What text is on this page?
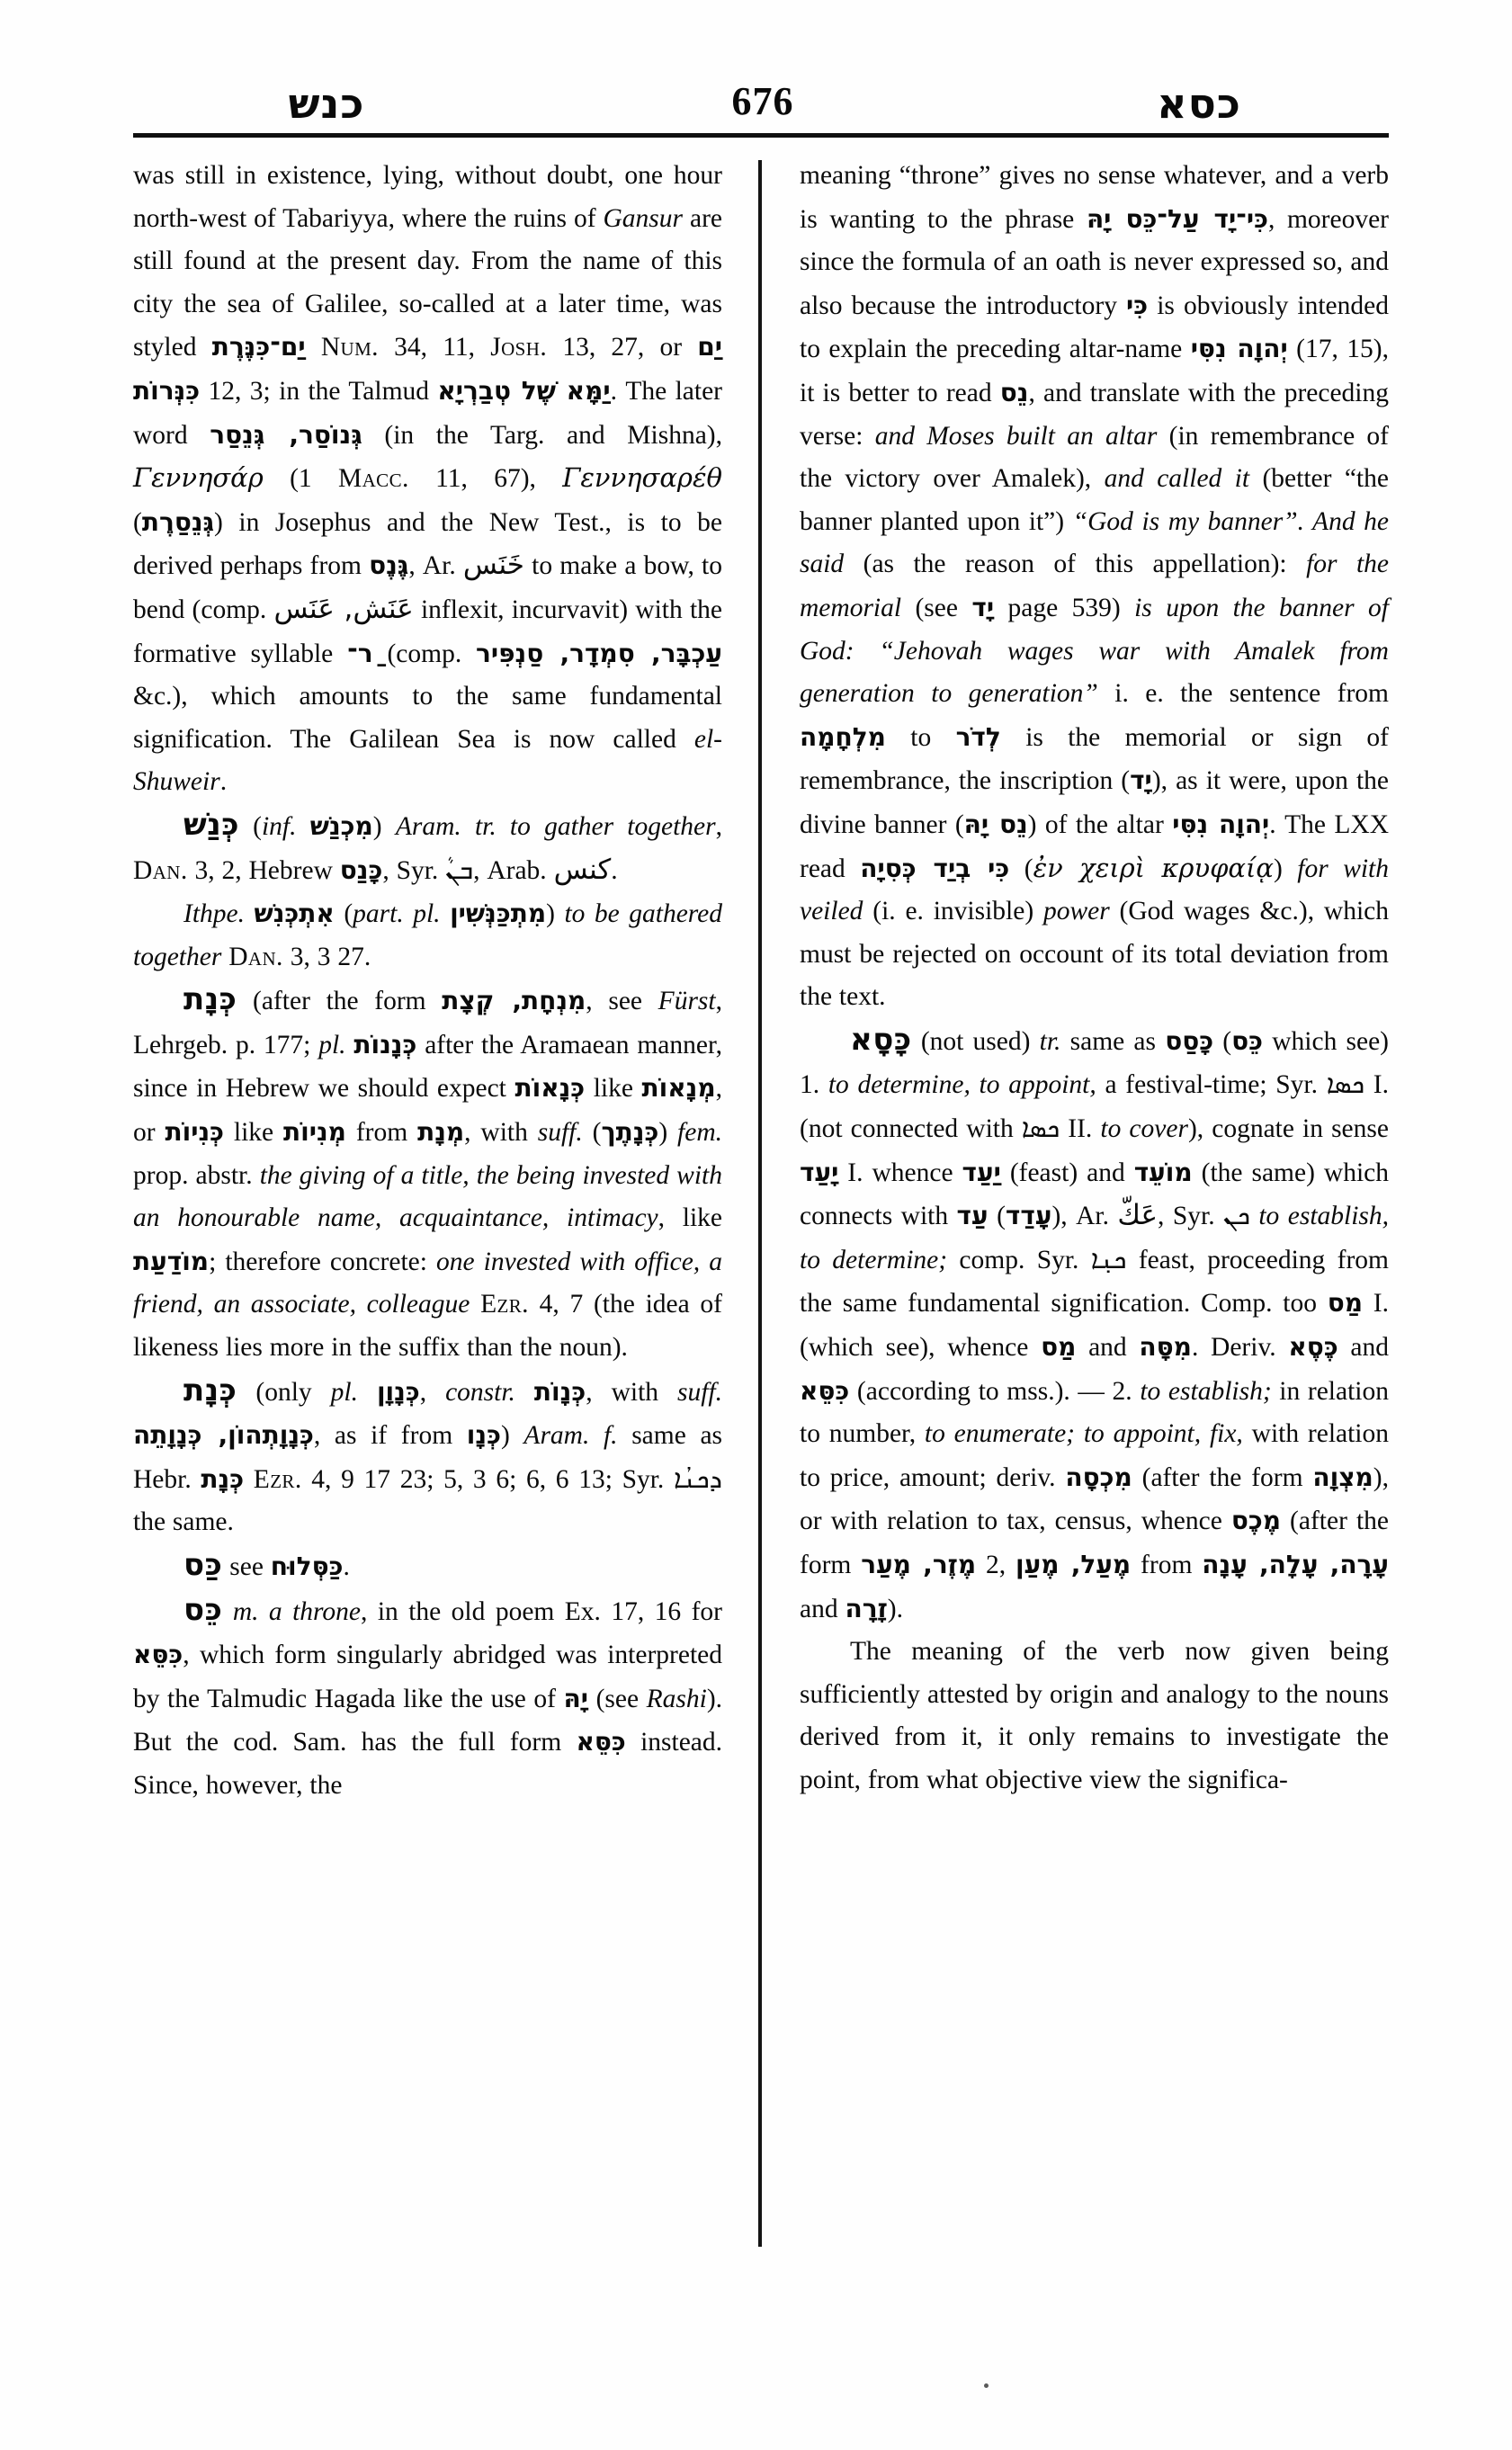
כנש	676	כסא

was still in existence, lying, without doubt, one hour north-west of Tabariyya, where the ruins of Gansur are still found at the present day. From the name of this city the sea of Galilee, so-called at a later time, was styled יַם־כִּנֶּרֶת Num. 34, 11, Josh. 13, 27, or יַם כִּנְּרוֹת 12, 3; in the Talmud יַמָּא שֶׁל טְבַרְיָא. The later word גְּנוֹסַר, גְּנֵסַר (in the Targ. and Mishna), Γεννησάρ (1 Macc. 11, 67), Γεννησαρέθ (גְּנֵסַרֶת) in Josephus and the New Test., is to be derived perhaps from גֶּנֶס, Ar. خَنَس to make a bow, to bend (comp. عَنَش, عَنَس inflexit, incurvavit) with the formative syllable ַר־ (comp. עַכְבָּר, סִמְדָר, סַנְפִּיר &c.), which amounts to the same fundamental signification. The Galilean Sea is now called el-Shuweir.

כְּנַשׁ (inf. מִכְנַשׁ) Aram. tr. to gather together, Dan. 3, 2, Hebrew כָּנַס, Syr. ܒܢܵ, Arab. كنس.

Ithpe. אִתְכְּנִשׁ (part. pl. מִתְכַּנְּשִׁין) to be gathered together Dan. 3, 3 27.

כְּנָת (after the form מִנְחָת, קְצָת, see Fürst, Lehrgeb. p. 177; pl. כְּנָנוֹת after the Aramaean manner, since in Hebrew we should expect כְּנָאוֹת like מְנָאוֹת, or כְּנִיוֹת like מְנִיוֹת from מְנָת, with suff. (כְּנָתֶך) fem. prop. abstr. the giving of a title, the being invested with an honourable name, acquaintance, intimacy, like מוֹדַעַת; therefore concrete: one invested with office, a friend, an associate, colleague Ezr. 4, 7 (the idea of likeness lies more in the suffix than the noun).

כְּנָת (only pl. כְּנָוָן, constr. כְּנָוֹת, with suff. כְּנָוָתְהוֹן, כְּנָוָתֵה, as if from כְּנָו) Aram. f. same as Hebr. כְּנָת Ezr. 4, 9 17 23; 5, 3 6; 6, 6 13; Syr. ܕܟܢܳܐ the same.

כַּס see כַּסְּלוּח.

כֵּס m. a throne, in the old poem Ex. 17, 16 for כִּסֵּא, which form singularly abridged was interpreted by the Talmudic Hagada like the use of יָהּ (see Rashi). But the cod. Sam. has the full form כִּסֵּא instead. Since, however, the

meaning “throne” gives no sense whatever, and a verb is wanting to the phrase כִּי־יָד עַל־כֵּס יָהּ, moreover since the formula of an oath is never expressed so, and also because the introductory כִּי is obviously intended to explain the preceding altar-name יְהוָה נִסִּי (17, 15), it is better to read נֵס, and translate with the preceding verse: and Moses built an altar (in remembrance of the victory over Amalek), and called it (better “the banner planted upon it”) “God is my banner”. And he said (as the reason of this appellation): for the memorial (see יָד page 539) is upon the banner of God: “Jehovah wages war with Amalek from generation to generation” i. e. the sentence from מִלְחָמָה to לְדֹר is the memorial or sign of remembrance, the inscription (יָד), as it were, upon the divine banner (נֵס יָהּ) of the altar יְהוָה נִסִּי. The LXX read כִּי בְיַד כְּסִיָה (ἐν χειρὶ κρυφαίᾳ) for with veiled (i. e. invisible) power (God wages &c.), which must be rejected on occount of its total deviation from the text.

כָּסָא (not used) tr. same as כָּסַס (כֵּס which see) 1. to determine, to appoint, a festival-time; Syr. ܟܣܐ I. (not connected with ܟܣܐ II. to cover), cognate in sense יָעַד I. whence יַעַד (feast) and מוֹעֵד (the same) which connects with עַד (עָדַד), Ar. عَكّ, Syr. ܟܢ to establish, to determine; comp. Syr. ܟܢ݂ܐ feast, proceeding from the same fundamental signification. Comp. too מַס I. (which see), whence מַס and מִסָּה. Deriv. כֶּסֶא and כִּסֵּא (according to mss.). — 2. to establish; in relation to number, to enumerate; to appoint, fix, with relation to price, amount; deriv. מִכְסָה (after the form מִצְוָה), or with relation to tax, census, whence מֶכֶס (after the form מֶזֶר, מֶעַר 2, מֶעַל, מֶעַן from עָרָה, עָלָה, עָנָה and זָרָה).

The meaning of the verb now given being sufficiently attested by origin and analogy to the nouns derived from it, it only remains to investigate the point, from what objective view the significa-
